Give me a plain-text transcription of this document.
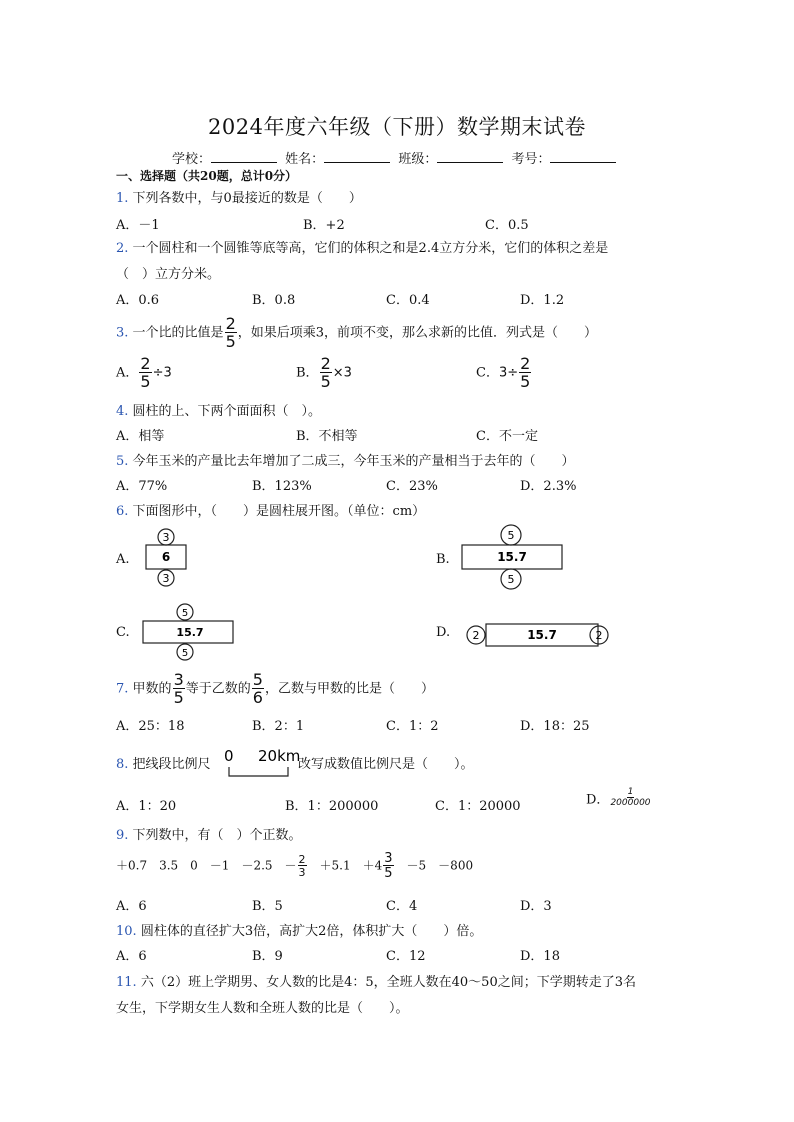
2024年度六年级（下册）数学期末试卷
学校：	姓名：	班级：	考号：
一、选择题（共20题，总计0分）
1. 下列各数中，与0最接近的数是（　　）
A．－1	B．+2	C．0.5
2. 一个圆柱和一个圆锥等底等高，它们的体积之和是2.4立方分米，它们的体积之差是
（　）立方分米。
A．0.6	B．0.8	C．0.4	D．1.2
3. 一个比的比值是 $\frac{2}{5}$ ，如果后项乘3，前项不变，那么求新的比值．列式是（　　）
A． $\frac{2}{5} \div 3$	B． $\frac{2}{5} \times 3$	C．$3\div \frac{2}{5}$
4. 圆柱的上、下两个面面积（　）。
A．相等	B．不相等	C．不一定
5. 今年玉米的产量比去年增加了二成三，今年玉米的产量相当于去年的（　　）
A．77%	B．123%	C．23%	D．2.3%
6. 下面图形中，（　　）是圆柱展开图。（单位：cm）
A.
3
6
3
B.
5
15.7
5
C.
5
15.7
5
D. 2	15.7	2
7. 甲数的 $\frac{3}{5}$ 等于乙数的 $\frac{5}{6}$ ，乙数与甲数的比是（　　）
A．25：18	B．2：1	C．1：2	D．18：25
8. 把线段比例尺 0 20km
改写成数值比例尺是（　　）。
A．1：20	B．1：200000	C．1：20000	D． $\frac{1}{2000000}$
9. 下列数中，有（　）个正数。
＋0.7　3.5　0　－1　－2.5　－ $\frac{2}{3}$ 　＋5.1　$+4 \frac{3}{5}$ 　－5　－800
A．6	B．5	C．4	D．3
10. 圆柱体的直径扩大3倍，高扩大2倍，体积扩大（　　）倍。
A．6	B．9	C．12	D．18
11. 六（2）班上学期男、女人数的比是4：5，全班人数在40～50之间；下学期转走了3名
女生，下学期女生人数和全班人数的比是（　　）。
